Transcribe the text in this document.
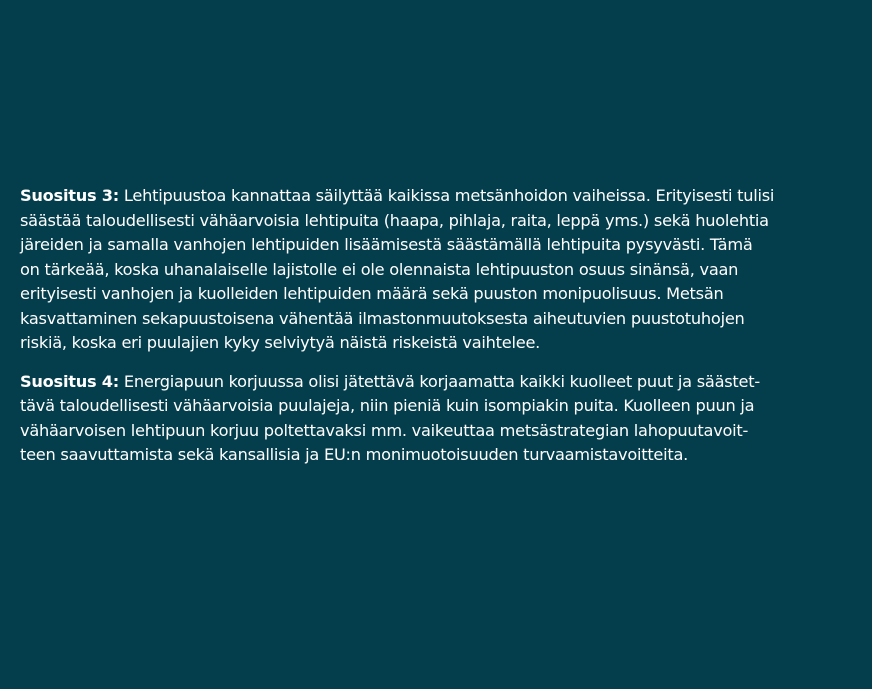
Suositus 3: Lehtipuustoa kannattaa säilyttää kaikissa metsänhoidon vaiheissa. Erityisesti tulisi
säästää taloudellisesti vähäarvoisia lehtipuita (haapa, pihlaja, raita, leppä yms.) sekä huolehtia
järeiden ja samalla vanhojen lehtipuiden lisäämisestä säästämällä lehtipuita pysyvästi. Tämä
on tärkeää, koska uhanalaiselle lajistolle ei ole olennaista lehtipuuston osuus sinänsä, vaan
erityisesti vanhojen ja kuolleiden lehtipuiden määrä sekä puuston monipuolisuus. Metsän
kasvattaminen sekapuustoisena vähentää ilmastonmuutoksesta aiheutuvien puustotuhojen
riskiä, koska eri puulajien kyky selviytyä näistä riskeistä vaihtelee.

Suositus 4: Energiapuun korjuussa olisi jätettävä korjaamatta kaikki kuolleet puut ja säästet-
tävä taloudellisesti vähäarvoisia puulajeja, niin pieniä kuin isompiakin puita. Kuolleen puun ja
vähäarvoisen lehtipuun korjuu poltettavaksi mm. vaikeuttaa metsästrategian lahopuutavoit-
teen saavuttamista sekä kansallisia ja EU:n monimuotoisuuden turvaamistavoitteita.
